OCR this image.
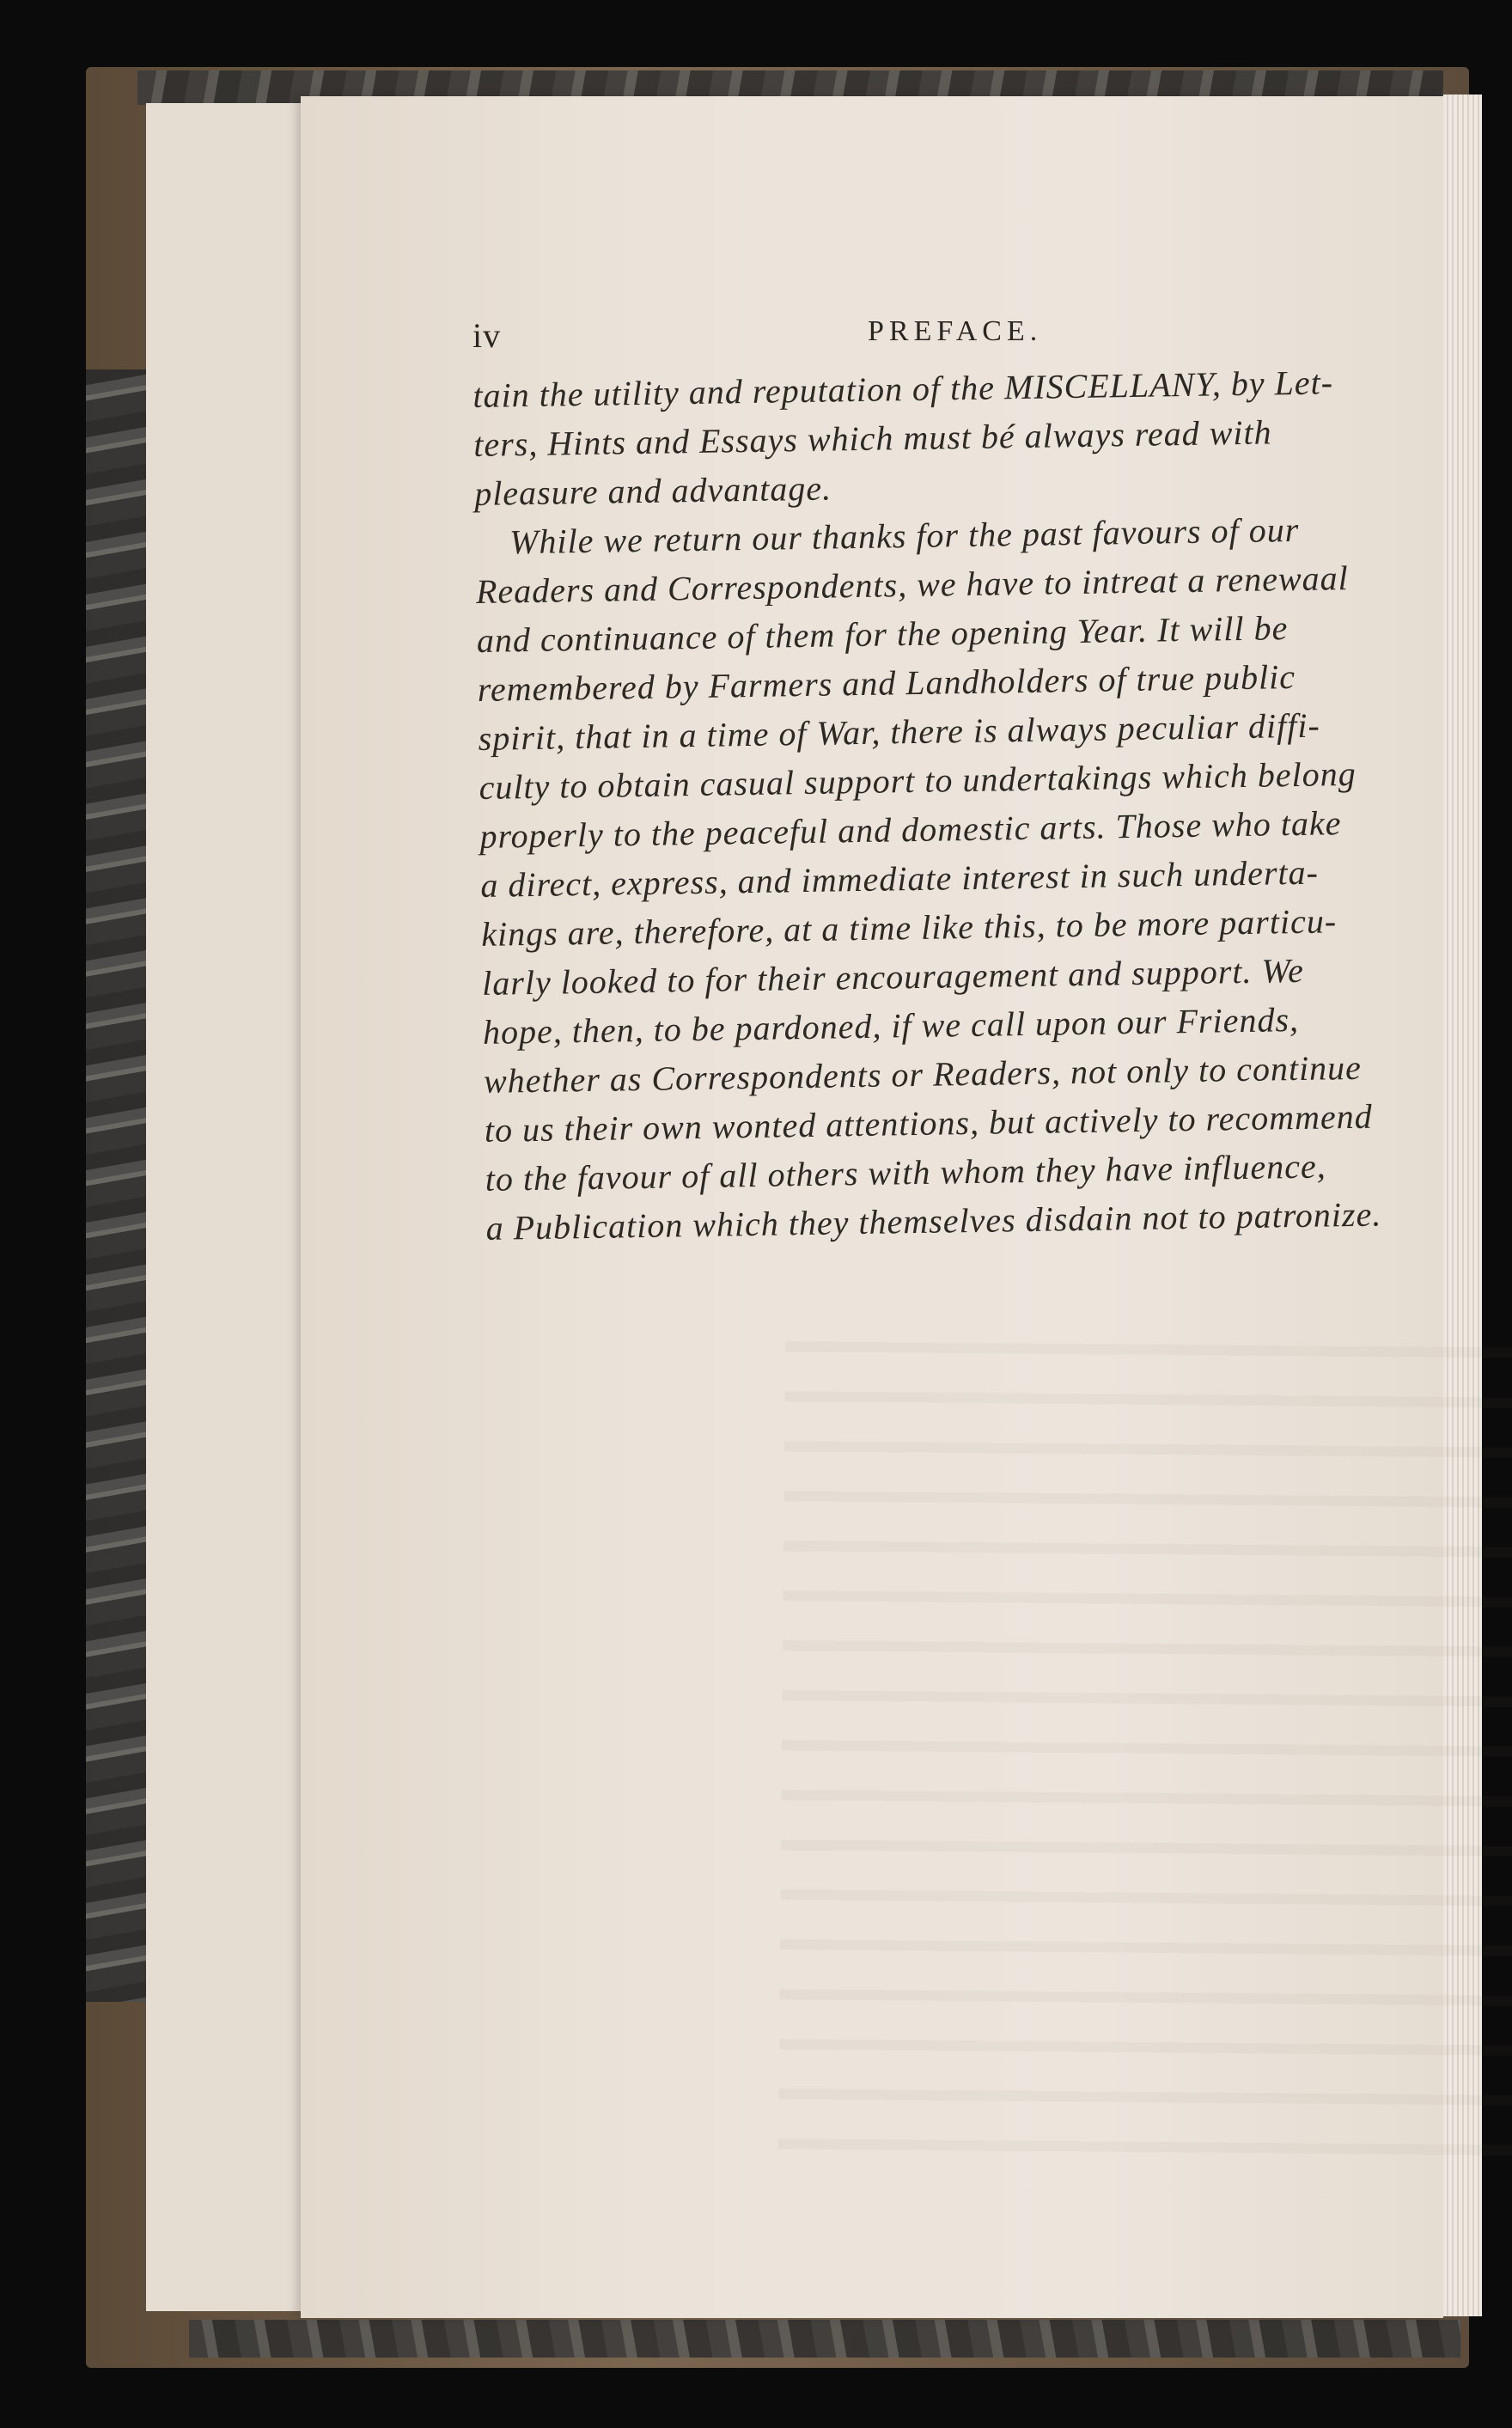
iv	PREFACE.
tain the utility and reputation of the MISCELLANY, by Let-
ters, Hints and Essays which must bé always read with
pleasure and advantage.
While we return our thanks for the past favours of our
Readers and Correspondents, we have to intreat a renewaal
and continuance of them for the opening Year. It will be
remembered by Farmers and Landholders of true public
spirit, that in a time of War, there is always peculiar diffi-
culty to obtain casual support to undertakings which belong
properly to the peaceful and domestic arts. Those who take
a direct, express, and immediate interest in such underta-
kings are, therefore, at a time like this, to be more particu-
larly looked to for their encouragement and support. We
hope, then, to be pardoned, if we call upon our Friends,
whether as Correspondents or Readers, not only to continue
to us their own wonted attentions, but actively to recommend
to the favour of all others with whom they have influence,
a Publication which they themselves disdain not to patronize.
